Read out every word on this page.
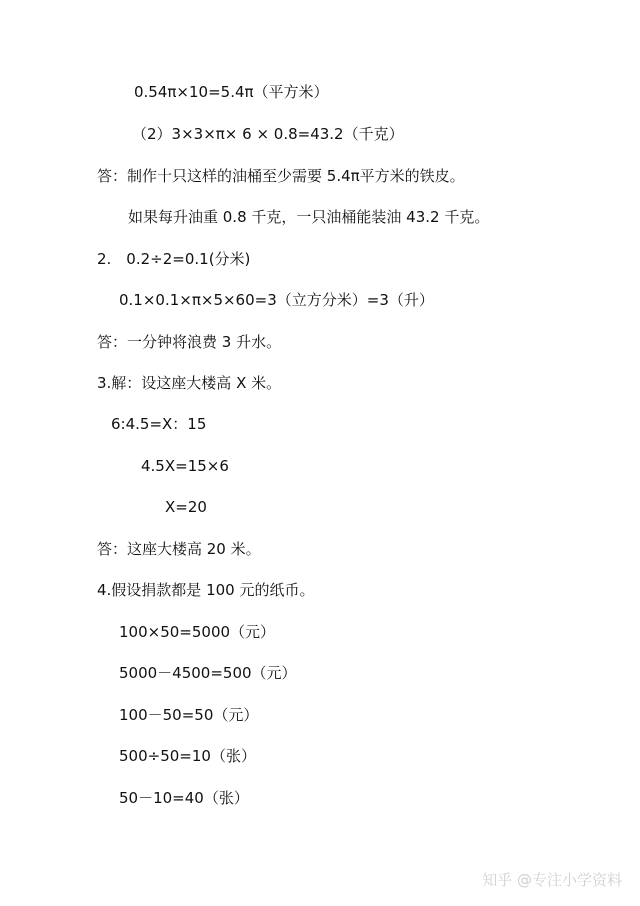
0.54π×10=5.4π（平方米）
（2）3×3×π× 6 × 0.8=43.2（千克）
答：制作十只这样的油桶至少需要 5.4π平方米的铁皮。
如果每升油重 0.8 千克，一只油桶能装油 43.2 千克。
2.　0.2÷2=0.1(分米)
0.1×0.1×π×5×60=3（立方分米）=3（升）
答：一分钟将浪费 3 升水。
3.解：设这座大楼高 X 米。
6:4.5=X：15
4.5X=15×6
X=20
答：这座大楼高 20 米。
4.假设捐款都是 100 元的纸币。
100×50=5000（元）
5000－4500=500（元）
100－50=50（元）
500÷50=10（张）
50－10=40（张）
知乎 @专注小学资料
